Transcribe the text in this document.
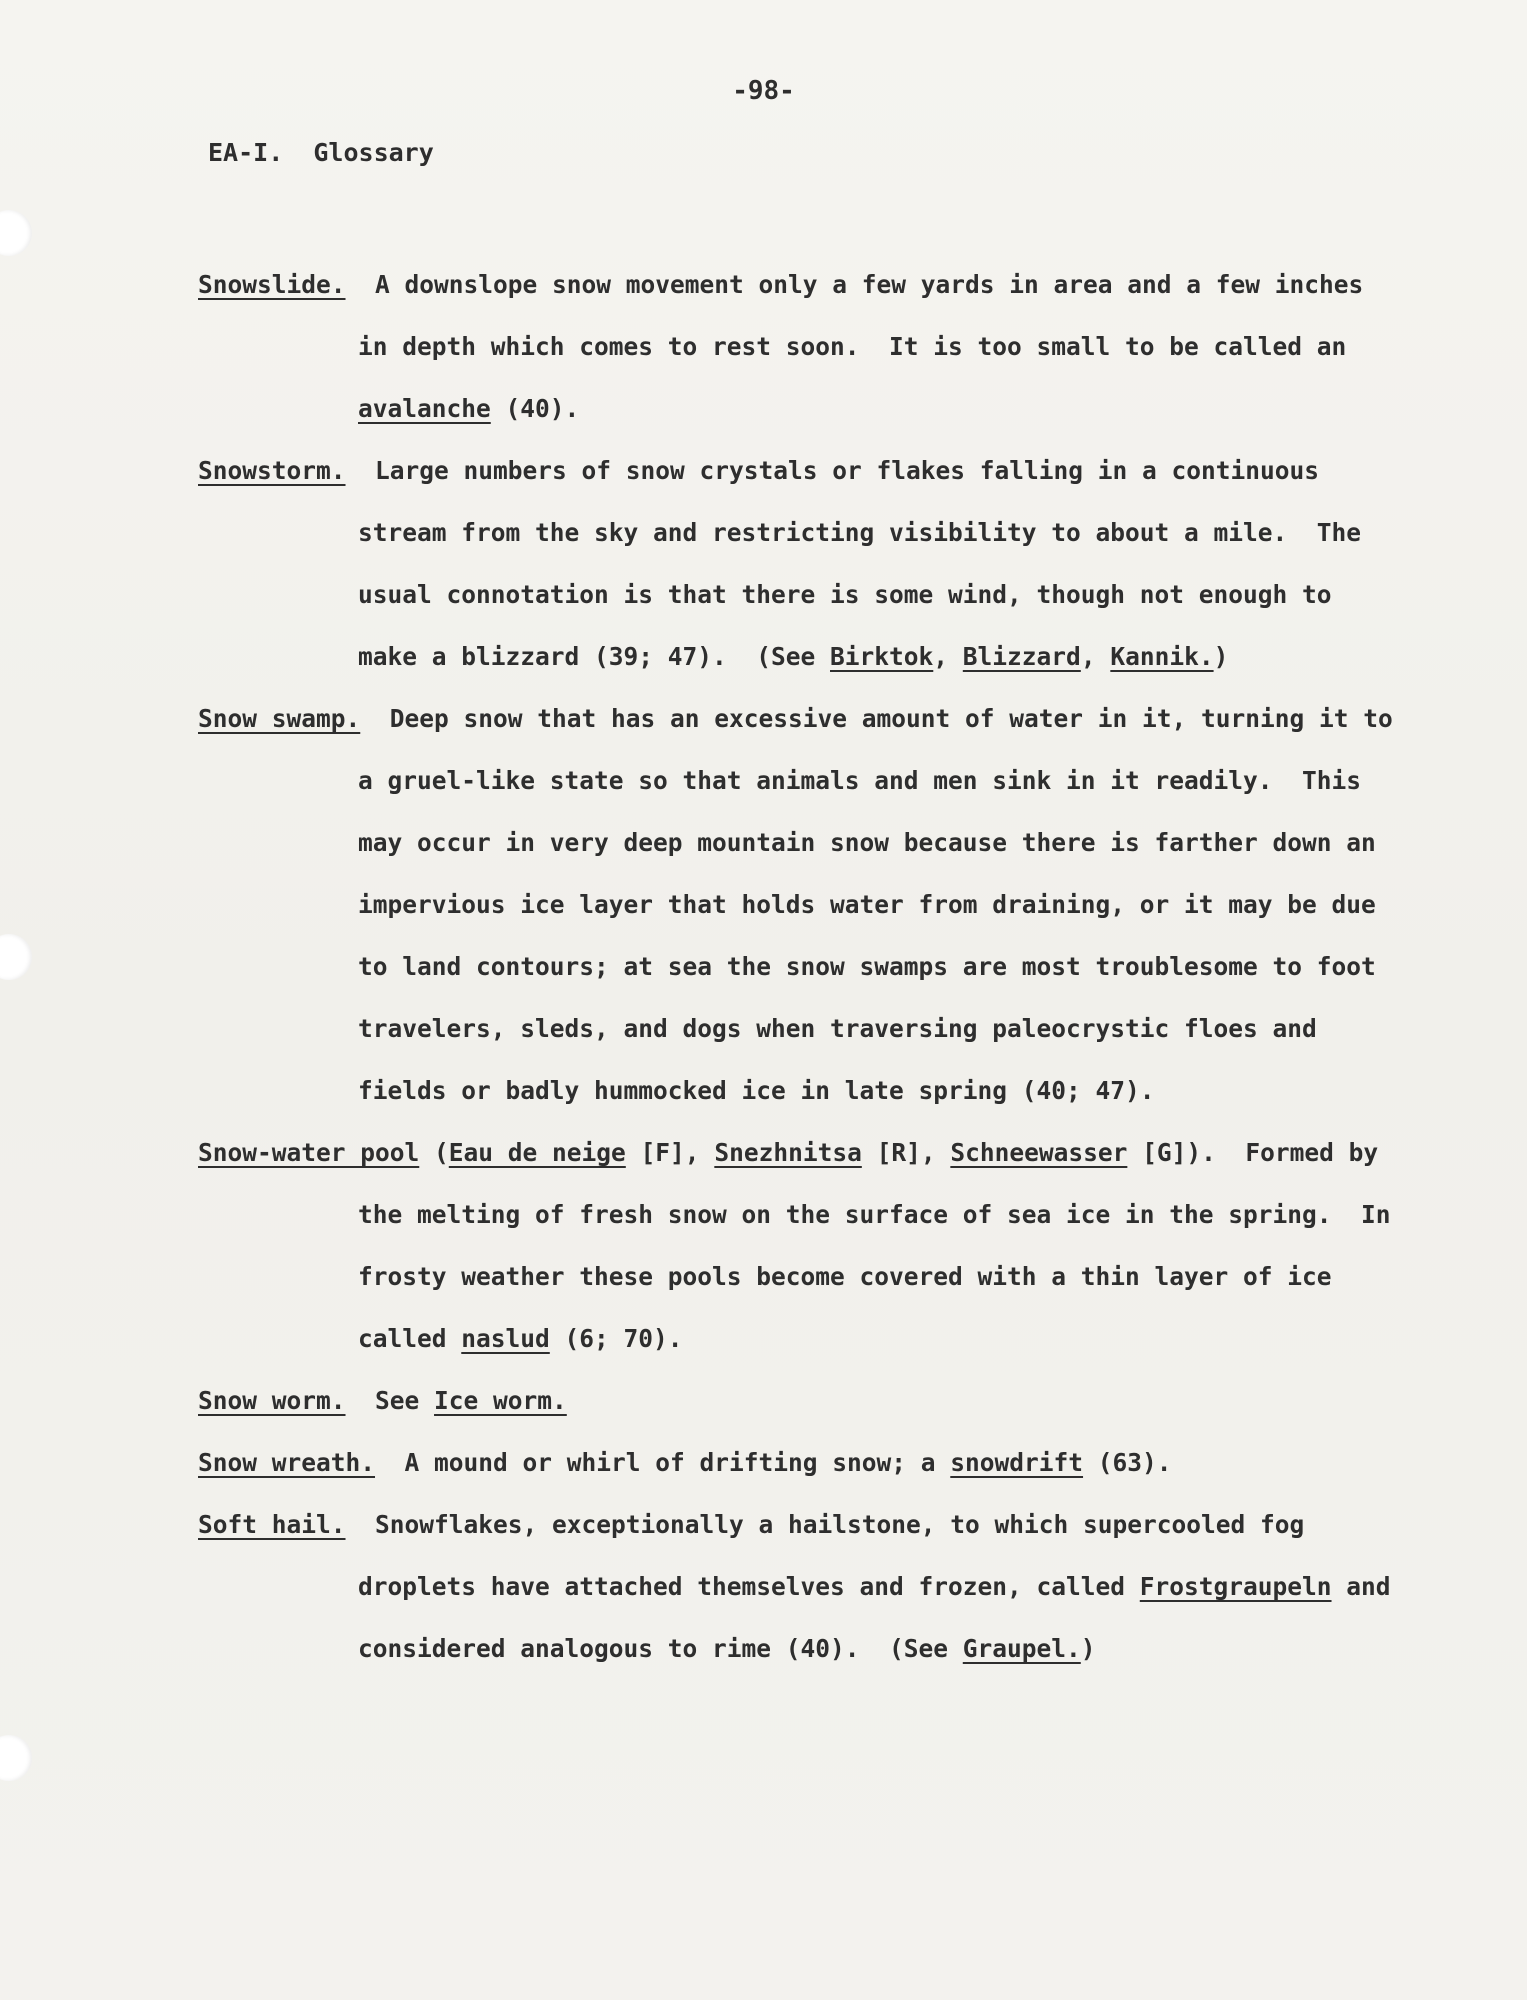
-98-
EA-I.  Glossary

Snowslide.  A downslope snow movement only a few yards in area and a few inches in depth which comes to rest soon.  It is too small to be called an avalanche (40).

Snowstorm.  Large numbers of snow crystals or flakes falling in a continuous stream from the sky and restricting visibility to about a mile.  The usual connotation is that there is some wind, though not enough to make a blizzard (39; 47).  (See Birktok, Blizzard, Kannik.)

Snow swamp.  Deep snow that has an excessive amount of water in it, turning it to a gruel-like state so that animals and men sink in it readily.  This may occur in very deep mountain snow because there is farther down an impervious ice layer that holds water from draining, or it may be due to land contours; at sea the snow swamps are most troublesome to foot travelers, sleds, and dogs when traversing paleocrystic floes and fields or badly hummocked ice in late spring (40; 47).

Snow-water pool (Eau de neige [F], Snezhnitsa [R], Schneewasser [G]).  Formed by the melting of fresh snow on the surface of sea ice in the spring.  In frosty weather these pools become covered with a thin layer of ice called naslud (6; 70).

Snow worm.  See Ice worm.

Snow wreath.  A mound or whirl of drifting snow; a snowdrift (63).

Soft hail.  Snowflakes, exceptionally a hailstone, to which supercooled fog droplets have attached themselves and frozen, called Frostgraupeln and considered analogous to rime (40).  (See Graupel.)
